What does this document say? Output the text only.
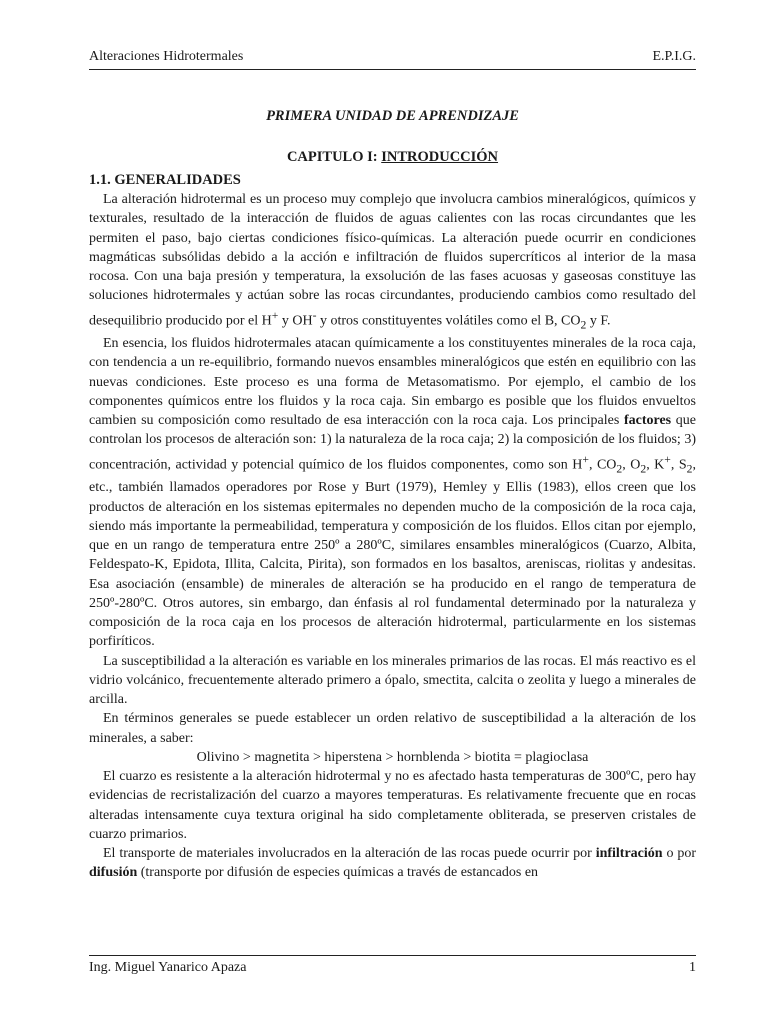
Alteraciones Hidrotermales	E.P.I.G.
PRIMERA UNIDAD DE APRENDIZAJE
CAPITULO I: INTRODUCCIÓN
1.1. GENERALIDADES

La alteración hidrotermal es un proceso muy complejo que involucra cambios mineralógicos, químicos y texturales, resultado de la interacción de fluidos de aguas calientes con las rocas circundantes que les permiten el paso, bajo ciertas condiciones físico-químicas. La alteración puede ocurrir en condiciones magmáticas subsólidas debido a la acción e infiltración de fluidos supercríticos al interior de la masa rocosa. Con una baja presión y temperatura, la exsolución de las fases acuosas y gaseosas constituye las soluciones hidrotermales y actúan sobre las rocas circundantes, produciendo cambios como resultado del desequilibrio producido por el H+ y OH- y otros constituyentes volátiles como el B, $CO_2$ y F.

En esencia, los fluidos hidrotermales atacan químicamente a los constituyentes minerales de la roca caja, con tendencia a un re-equilibrio, formando nuevos ensambles mineralógicos que estén en equilibrio con las nuevas condiciones. Este proceso es una forma de Metasomatismo. Por ejemplo, el cambio de los componentes químicos entre los fluidos y la roca caja. Sin embargo es posible que los fluidos envueltos cambien su composición como resultado de esa interacción con la roca caja. Los principales factores que controlan los procesos de alteración son: 1) la naturaleza de la roca caja; 2) la composición de los fluidos; 3) concentración, actividad y potencial químico de los fluidos componentes, como son H+, $CO_2$, $O_2$, K+, $S_2$, etc., también llamados operadores por Rose y Burt (1979), Hemley y Ellis (1983), ellos creen que los productos de alteración en los sistemas epitermales no dependen mucho de la composición de la roca caja, siendo más importante la permeabilidad, temperatura y composición de los fluidos. Ellos citan por ejemplo, que en un rango de temperatura entre 250º a 280ºC, similares ensambles mineralógicos (Cuarzo, Albita, Feldespato-K, Epidota, Illita, Calcita, Pirita), son formados en los basaltos, areniscas, riolitas y andesitas. Esa asociación (ensamble) de minerales de alteración se ha producido en el rango de temperatura de 250º-280ºC. Otros autores, sin embargo, dan énfasis al rol fundamental determinado por la naturaleza y composición de la roca caja en los procesos de alteración hidrotermal, particularmente en los sistemas porfiríticos.

La susceptibilidad a la alteración es variable en los minerales primarios de las rocas. El más reactivo es el vidrio volcánico, frecuentemente alterado primero a ópalo, smectita, calcita o zeolita y luego a minerales de arcilla.

En términos generales se puede establecer un orden relativo de susceptibilidad a la alteración de los minerales, a saber:

Olivino > magnetita > hiperstena > hornblenda > biotita = plagioclasa

El cuarzo es resistente a la alteración hidrotermal y no es afectado hasta temperaturas de 300ºC, pero hay evidencias de recristalización del cuarzo a mayores temperaturas. Es relativamente frecuente que en rocas alteradas intensamente cuya textura original ha sido completamente obliterada, se preserven cristales de cuarzo primarios.

El transporte de materiales involucrados en la alteración de las rocas puede ocurrir por infiltración o por difusión (transporte por difusión de especies químicas a través de estancados en

Ing. Miguel Yanarico Apaza	1
